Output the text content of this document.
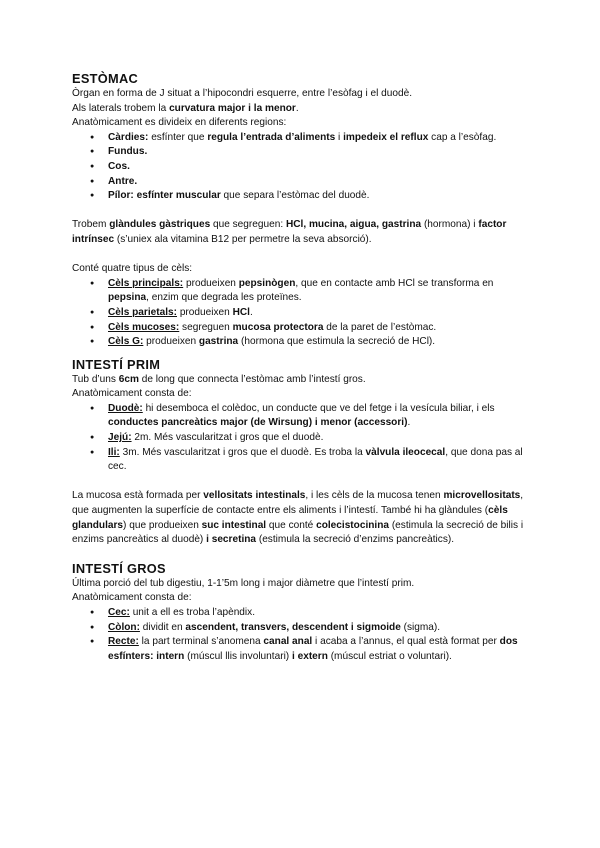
ESTÒMAC

Òrgan en forma de J situat a l’hipocondri esquerre, entre l’esòfag i el duodè.

Als laterals trobem la curvatura major i la menor.

Anatòmicament es divideix en diferents regions:

● Càrdies: esfínter que regula l’entrada d’aliments i impedeix el reflux cap a l’esòfag.
● Fundus.
● Cos.
● Antre.
● Pílor: esfínter muscular que separa l’estòmac del duodè.

Trobem glàndules gàstriques que segreguen: HCl, mucina, aigua, gastrina (hormona) i factor intrínsec (s’uniex ala vitamina B12 per permetre la seva absorció).

Conté quatre tipus de cèls:

● Cèls principals: produeixen pepsinògen, que en contacte amb HCl se transforma en pepsina, enzim que degrada les proteïnes.
● Cèls parietals: produeixen HCl.
● Cèls mucoses: segreguen mucosa protectora de la paret de l’estòmac.
● Cèls G: produeixen gastrina (hormona que estimula la secreció de HCl).
INTESTÍ PRIM

Tub d’uns 6cm de long que connecta l’estòmac amb l’intestí gros.

Anatòmicament consta de:

● Duodè: hi desemboca el colèdoc, un conducte que ve del fetge i la vesícula biliar, i els conductes pancreàtics major (de Wirsung) i menor (accessori).
● Jejú: 2m. Més vascularitzat i gros que el duodè.
● Ili: 3m. Més vascularitzat i gros que el duodè. Es troba la vàlvula ileocecal, que dona pas al cec.

La mucosa està formada per vellositats intestinals, i les cèls de la mucosa tenen microvellositats, que augmenten la superfície de contacte entre els aliments i l’intestí. També hi ha glàndules (cèls glandulars) que produeixen suc intestinal que conté colecistocinina (estimula la secreció de bilis i enzims pancreàtics al duodè) i secretina (estimula la secreció d’enzims pancreàtics).

INTESTÍ GROS

Última porció del tub digestiu, 1-1’5m long i major diàmetre que l’intestí prim.

Anatòmicament consta de:

● Cec: unit a ell es troba l’apèndix.
● Còlon: dividit en ascendent, transvers, descendent i sigmoide (sigma).
● Recte: la part terminal s’anomena canal anal i acaba a l’annus, el qual està format per dos esfínters: intern (múscul llis involuntari) i extern (múscul estriat o voluntari).
